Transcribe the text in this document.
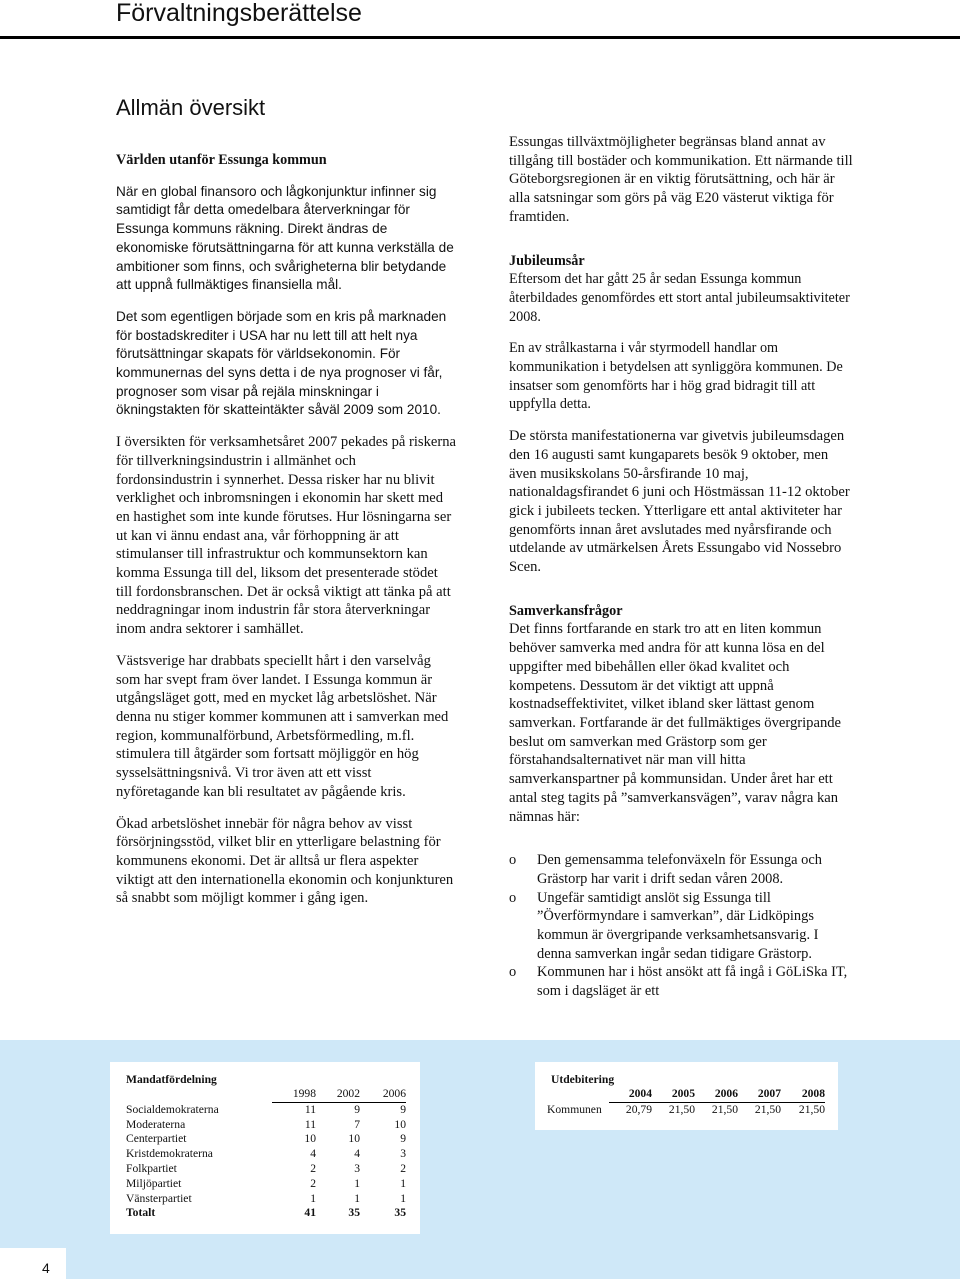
Förvaltningsberättelse
Allmän översikt

Världen utanför Essunga kommun

När en global finansoro och lågkonjunktur infinner sig samtidigt får detta omedelbara återverkningar för Essunga kommuns räkning. Direkt ändras de ekonomiske förutsättningarna för att kunna verkställa de ambitioner som finns, och svårigheterna blir betydande att uppnå fullmäktiges finansiella mål.

Det som egentligen började som en kris på marknaden för bostadskrediter i USA har nu lett till att helt nya förutsättningar skapats för världsekonomin. För kommunernas del syns detta i de nya prognoser vi får, prognoser som visar på rejäla minskningar i ökningstakten för skatteintäkter såväl 2009 som 2010.

I översikten för verksamhetsåret 2007 pekades på riskerna för tillverkningsindustrin i allmänhet och fordonsindustrin i synnerhet. Dessa risker har nu blivit verklighet och inbromsningen i ekonomin har skett med en hastighet som inte kunde förutses. Hur lösningarna ser ut kan vi ännu endast ana, vår förhoppning är att stimulanser till infrastruktur och kommunsektorn kan komma Essunga till del, liksom det presenterade stödet till fordonsbranschen. Det är också viktigt att tänka på att neddragningar inom industrin får stora återverkningar inom andra sektorer i samhället.

Västsverige har drabbats speciellt hårt i den varselvåg som har svept fram över landet. I Essunga kommun är utgångsläget gott, med en mycket låg arbetslöshet. När denna nu stiger kommer kommunen att i samverkan med region, kommunalförbund, Arbetsförmedling, m.fl. stimulera till åtgärder som fortsatt möjliggör en hög sysselsättningsnivå. Vi tror även att ett visst nyföretagande kan bli resultatet av pågående kris.

Ökad arbetslöshet innebär för några behov av visst försörjningsstöd, vilket blir en ytterligare belastning för kommunens ekonomi. Det är alltså ur flera aspekter viktigt att den internationella ekonomin och konjunkturen så snabbt som möjligt kommer i gång igen.

Essungas tillväxtmöjligheter begränsas bland annat av tillgång till bostäder och kommunikation. Ett närmande till Göteborgsregionen är en viktig förutsättning, och här är alla satsningar som görs på väg E20 västerut viktiga för framtiden.

Jubileumsår

Eftersom det har gått 25 år sedan Essunga kommun återbildades genomfördes ett stort antal jubileumsaktiviteter 2008.

En av strålkastarna i vår styrmodell handlar om kommunikation i betydelsen att synliggöra kommunen. De insatser som genomförts har i hög grad bidragit till att uppfylla detta.

De största manifestationerna var givetvis jubileumsdagen den 16 augusti samt kungaparets besök 9 oktober, men även musikskolans 50-årsfirande 10 maj, nationaldagsfirandet 6 juni och Höstmässan 11-12 oktober gick i jubileets tecken. Ytterligare ett antal aktiviteter har genomförts innan året avslutades med nyårsfirande och utdelande av utmärkelsen Årets Essungabo vid Nossebro Scen.

Samverkansfrågor

Det finns fortfarande en stark tro att en liten kommun behöver samverka med andra för att kunna lösa en del uppgifter med bibehållen eller ökad kvalitet och kompetens. Dessutom är det viktigt att uppnå kostnadseffektivitet, vilket ibland sker lättast genom samverkan. Fortfarande är det fullmäktiges övergripande beslut om samverkan med Grästorp som ger förstahandsalternativet när man vill hitta samverkanspartner på kommunsidan. Under året har ett antal steg tagits på ”samverkansvägen”, varav några kan nämnas här:

o Den gemensamma telefonväxeln för Essunga och Grästorp har varit i drift sedan våren 2008.
o Ungefär samtidigt anslöt sig Essunga till ”Överförmyndare i samverkan”, där Lidköpings kommun är övergripande verksamhetsansvarig. I denna samverkan ingår sedan tidigare Grästorp.
o Kommunen har i höst ansökt att få ingå i GöLiSka IT, som i dagsläget är ett
Mandatfördelning
	1998	2002	2006
Socialdemokraterna	11	9	9
Moderaterna	11	7	10
Centerpartiet	10	10	9
Kristdemokraterna	4	4	3
Folkpartiet	2	3	2
Miljöpartiet	2	1	1
Vänsterpartiet	1	1	1
Totalt	41	35	35
Utdebitering
	2004	2005	2006	2007	2008
Kommunen	20,79	21,50	21,50	21,50	21,50
4
